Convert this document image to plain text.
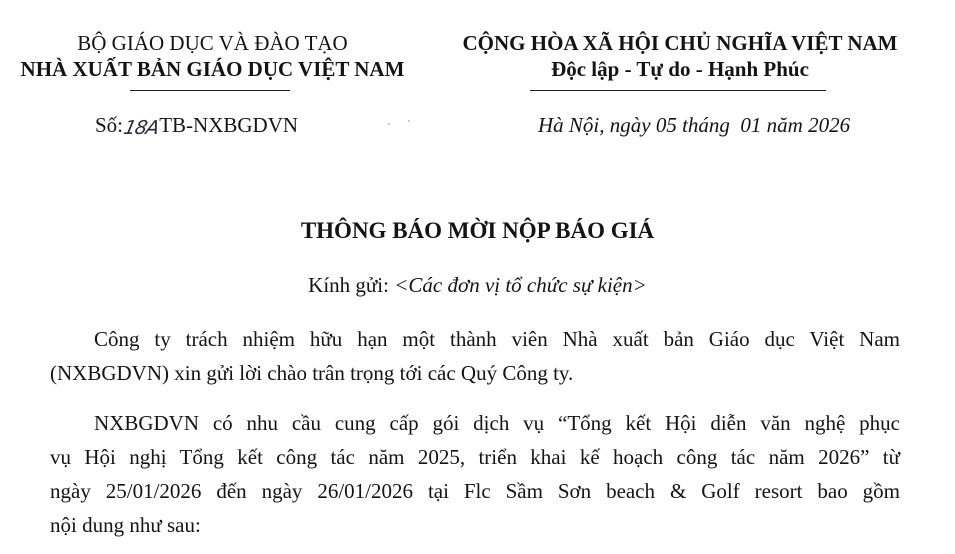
BỘ GIÁO DỤC VÀ ĐÀO TẠO
NHÀ XUẤT BẢN GIÁO DỤC VIỆT NAM
CỘNG HÒA XÃ HỘI CHỦ NGHĨA VIỆT NAM
Độc lập - Tự do - Hạnh Phúc
Số:18ATB-NXBGDVN	Hà Nội, ngày 05 tháng  01 năm 2026
THÔNG BÁO MỜI NỘP BÁO GIÁ
Kính gửi: <Các đơn vị tổ chức sự kiện>
Công ty trách nhiệm hữu hạn một thành viên Nhà xuất bản Giáo dục Việt Nam
(NXBGDVN) xin gửi lời chào trân trọng tới các Quý Công ty.
NXBGDVN có nhu cầu cung cấp gói dịch vụ “Tổng kết Hội diễn văn nghệ phục
vụ Hội nghị Tổng kết công tác năm 2025, triển khai kế hoạch công tác năm 2026” từ
ngày 25/01/2026 đến ngày 26/01/2026 tại Flc Sầm Sơn beach & Golf resort bao gồm
nội dung như sau:
